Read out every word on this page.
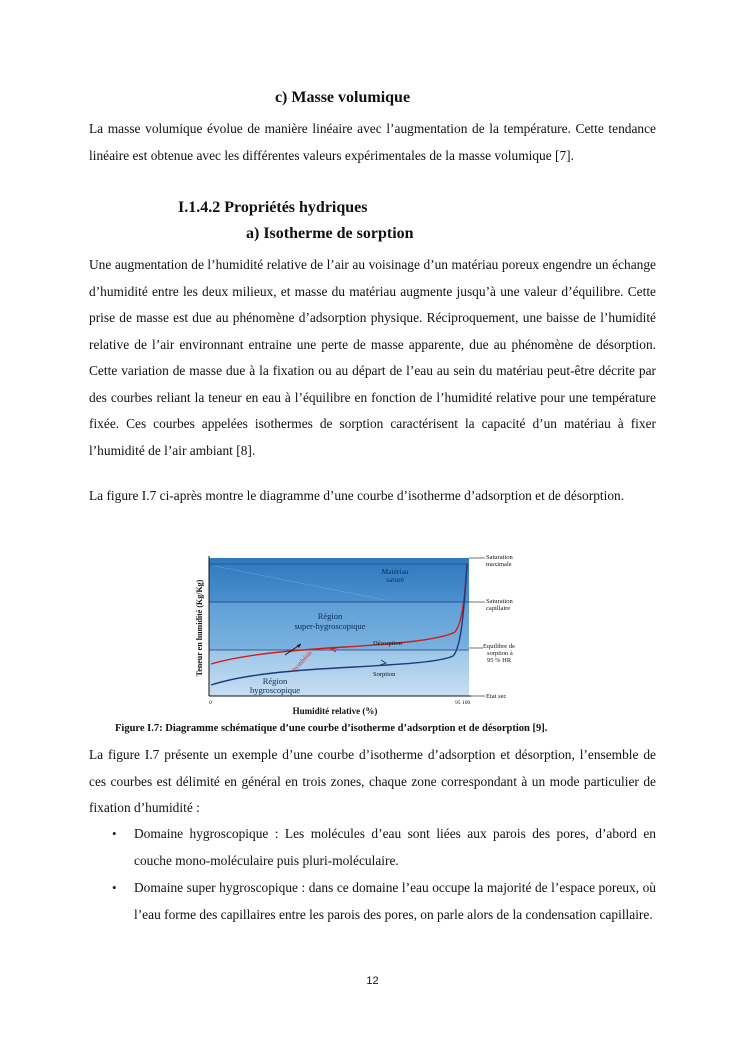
c) Masse volumique

La masse volumique évolue de manière linéaire avec l’augmentation de la température. Cette tendance linéaire est obtenue avec les différentes valeurs expérimentales de la masse volumique [7].

I.1.4.2 Propriétés hydriques
a) Isotherme de sorption

Une augmentation de l’humidité relative de l’air au voisinage d’un matériau poreux engendre un échange d’humidité entre les deux milieux, et masse du matériau augmente jusqu’à une valeur d’équilibre. Cette prise de masse est due au phénomène d’adsorption physique. Réciproquement, une baisse de l’humidité relative de l’air environnant entraine une perte de masse apparente, due au phénomène de désorption. Cette variation de masse due à la fixation ou au départ de l’eau au sein du matériau peut-être décrite par des courbes reliant la teneur en eau à l’équilibre en fonction de l’humidité relative pour une température fixée. Ces courbes appelées isothermes de sorption caractérisent la capacité d’un matériau à fixer l’humidité de l’air ambiant [8].

La figure I.7 ci-après montre le diagramme d’une courbe d’isotherme d’adsorption et de désorption.

Matériau
saturé
Région
super-hygroscopique
Région
hygroscopique
Désorption
Sorption
hystérésis
Saturation
maximale
Saturation
capillaire
Equilibre de
sorption à
95 % HR
Etat sec
0	95 100
Teneur en humidité (Kg/Kg)
Humidité relative (%)
Figure I.7: Diagramme schématique d’une courbe d’isotherme d’adsorption et de désorption [9].

La figure I.7 présente un exemple d’une courbe d’isotherme d’adsorption et désorption, l’ensemble de ces courbes est délimité en général en trois zones, chaque zone correspondant à un mode particulier de fixation d’humidité :

• Domaine hygroscopique : Les molécules d’eau sont liées aux parois des pores, d’abord en couche mono-moléculaire puis pluri-moléculaire.
• Domaine super hygroscopique : dans ce domaine l’eau occupe la majorité de l’espace poreux, où l’eau forme des capillaires entre les parois des pores, on parle alors de la condensation capillaire.
12
